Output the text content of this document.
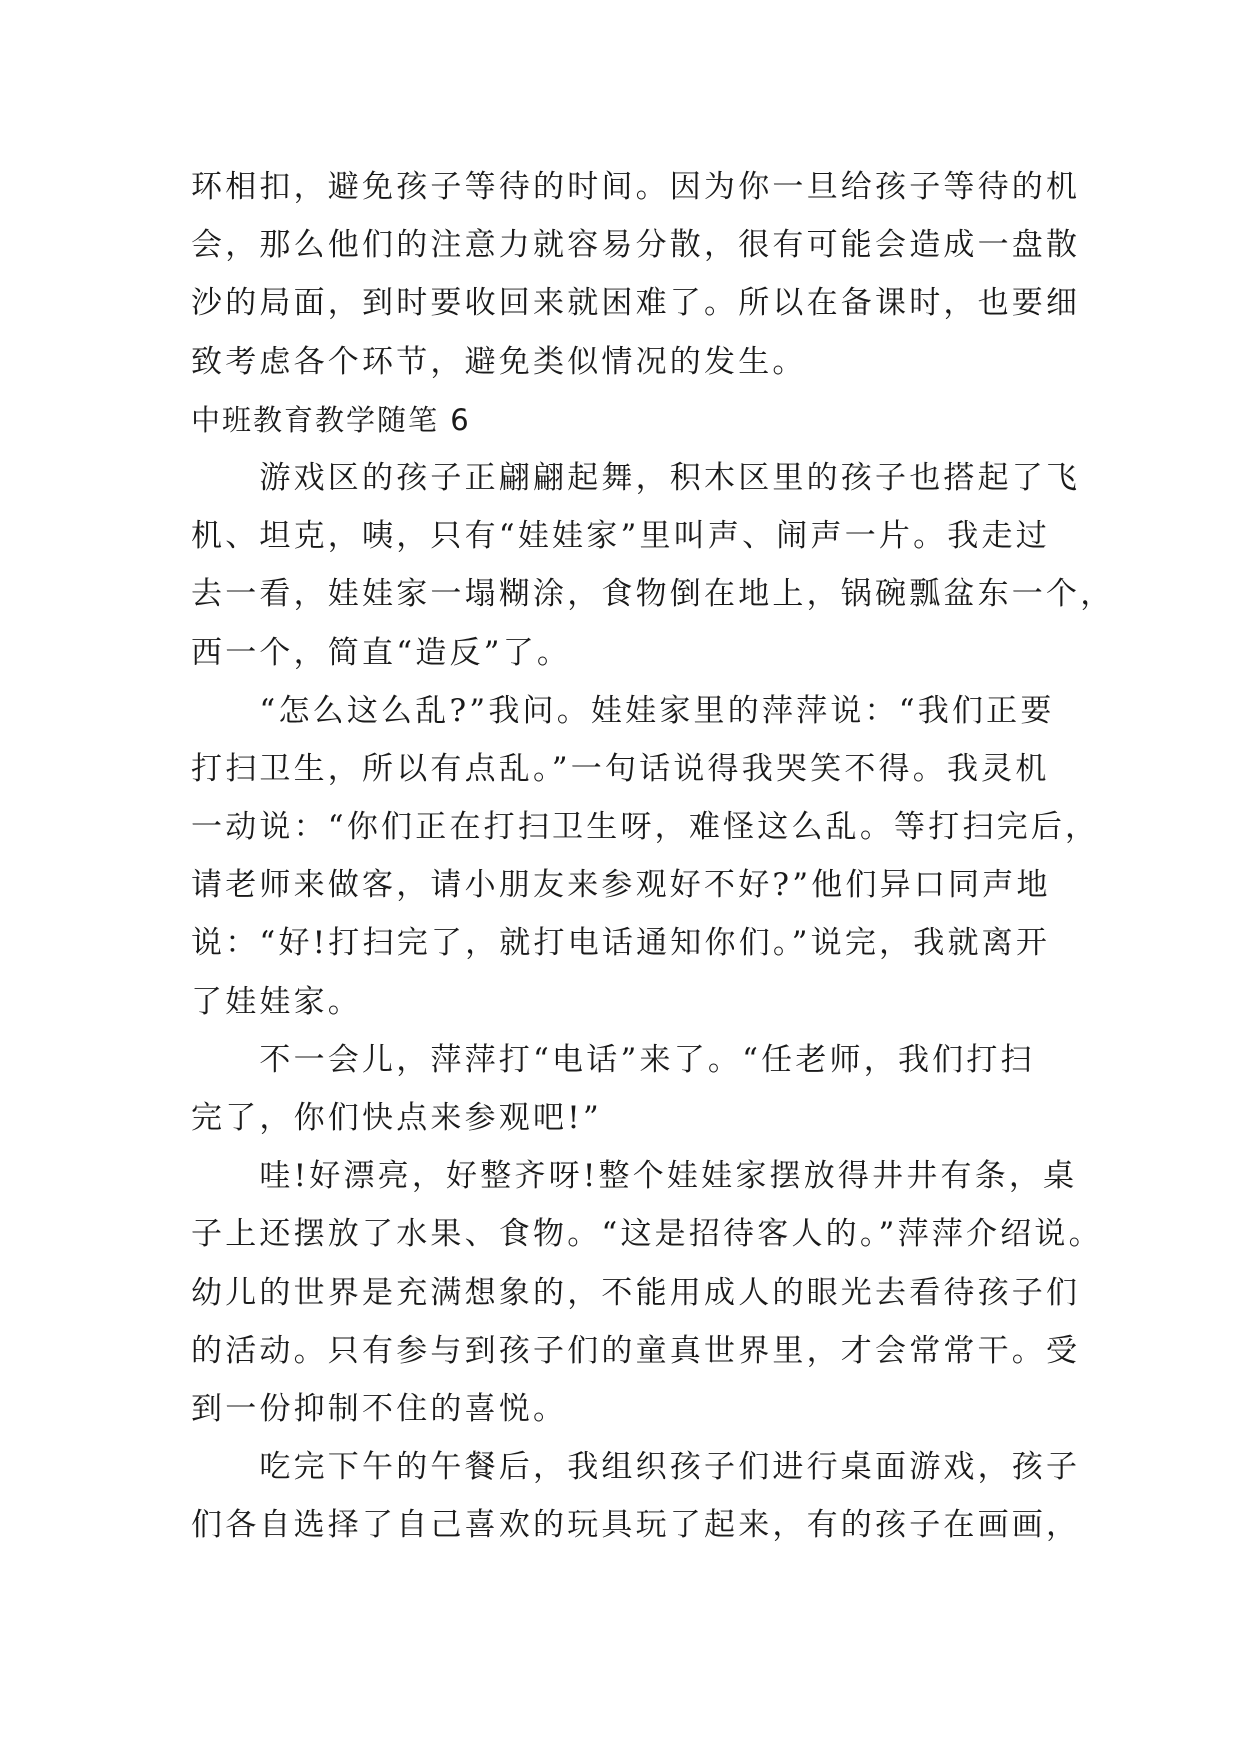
环相扣，避免孩子等待的时间。因为你一旦给孩子等待的机
会，那么他们的注意力就容易分散，很有可能会造成一盘散
沙的局面，到时要收回来就困难了。所以在备课时，也要细
致考虑各个环节，避免类似情况的发生。
中班教育教学随笔 6
　　游戏区的孩子正翩翩起舞，积木区里的孩子也搭起了飞
机、坦克，咦，只有“娃娃家”里叫声、闹声一片。我走过
去一看，娃娃家一塌糊涂，食物倒在地上，锅碗瓢盆东一个，
西一个，简直“造反”了。
　　“怎么这么乱?”我问。娃娃家里的萍萍说：“我们正要
打扫卫生，所以有点乱。”一句话说得我哭笑不得。我灵机
一动说：“你们正在打扫卫生呀，难怪这么乱。等打扫完后，
请老师来做客，请小朋友来参观好不好?”他们异口同声地
说：“好!打扫完了，就打电话通知你们。”说完，我就离开
了娃娃家。
　　不一会儿，萍萍打“电话”来了。“任老师，我们打扫
完了，你们快点来参观吧!”
　　哇!好漂亮，好整齐呀!整个娃娃家摆放得井井有条，桌
子上还摆放了水果、食物。“这是招待客人的。”萍萍介绍说。
幼儿的世界是充满想象的，不能用成人的眼光去看待孩子们
的活动。只有参与到孩子们的童真世界里，才会常常干。受
到一份抑制不住的喜悦。
　　吃完下午的午餐后，我组织孩子们进行桌面游戏，孩子
们各自选择了自己喜欢的玩具玩了起来，有的孩子在画画，
